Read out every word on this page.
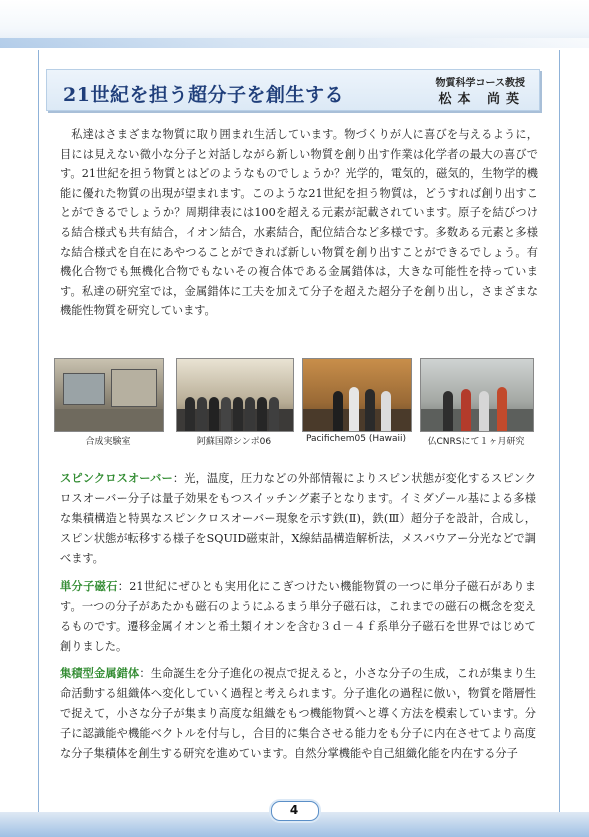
21世紀を担う超分子を創生する
物質科学コース教授
松本 尚英

私達はさまざまな物質に取り囲まれ生活しています。物づくりが人に喜びを与えるように，目には見えない微小な分子と対話しながら新しい物質を創り出す作業は化学者の最大の喜びです。21世紀を担う物質とはどのようなものでしょうか？光学的，電気的，磁気的，生物学的機能に優れた物質の出現が望まれます。このような21世紀を担う物質は，どうすれば創り出すことができるでしょうか？周期律表には100を超える元素が記載されています。原子を結びつける結合様式も共有結合，イオン結合，水素結合，配位結合など多様です。多数ある元素と多様な結合様式を自在にあやつることができれば新しい物質を創り出すことができるでしょう。有機化合物でも無機化合物でもないその複合体である金属錯体は，大きな可能性を持っています。私達の研究室では，金属錯体に工夫を加えて分子を超えた超分子を創り出し，さまざまな機能性物質を研究しています。

合成実験室	阿蘇国際シンポ06	Pacifichem05 (Hawaii)	仏CNRSにて１ヶ月研究

スピンクロスオーバー：光，温度，圧力などの外部情報によりスピン状態が変化するスピンクロスオーバー分子は量子効果をもつスイッチング素子となります。イミダゾール基による多様な集積構造と特異なスピンクロスオーバー現象を示す鉄(Ⅱ)，鉄(Ⅲ）超分子を設計，合成し，スピン状態が転移する様子をSQUID磁束計，X線結晶構造解析法，メスバウアー分光などで調べます。

単分子磁石：21世紀にぜひとも実用化にこぎつけたい機能物質の一つに単分子磁石があります。一つの分子があたかも磁石のようにふるまう単分子磁石は，これまでの磁石の概念を変えるものです。遷移金属イオンと希土類イオンを含む３ｄ－４ｆ系単分子磁石を世界ではじめて創りました。

集積型金属錯体：生命誕生を分子進化の視点で捉えると，小さな分子の生成，これが集まり生命活動する組織体へ変化していく過程と考えられます。分子進化の過程に倣い，物質を階層性で捉えて，小さな分子が集まり高度な組織をもつ機能物質へと導く方法を模索しています。分子に認識能や機能ベクトルを付与し，合目的に集合させる能力をも分子に内在させてより高度な分子集積体を創生する研究を進めています。自然分掌機能や自己組織化能を内在する分子

4
